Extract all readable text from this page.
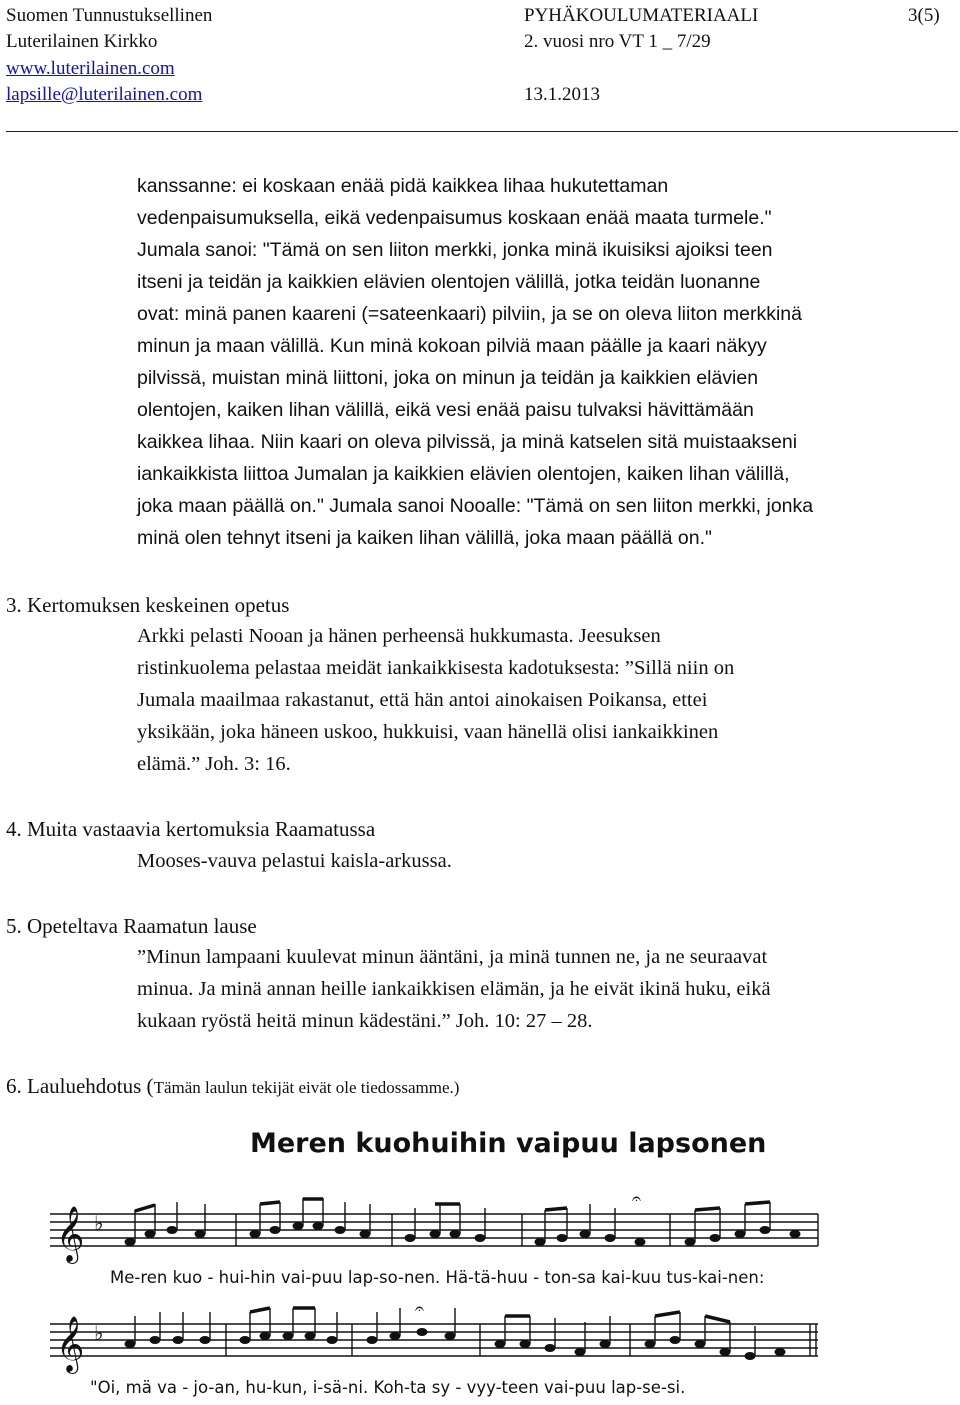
Suomen Tunnustuksellinen
Luterilainen Kirkko
www.luterilainen.com
lapsille@luterilainen.com
PYHÄKOULUMATERIAALI
2. vuosi nro VT 1 _ 7/29
13.1.2013
3(5)
kanssanne: ei koskaan enää pidä kaikkea lihaa hukutettaman
vedenpaisumuksella, eikä vedenpaisumus koskaan enää maata turmele."
Jumala sanoi: "Tämä on sen liiton merkki, jonka minä ikuisiksi ajoiksi teen
itseni ja teidän ja kaikkien elävien olentojen välillä, jotka teidän luonanne
ovat: minä panen kaareni (=sateenkaari) pilviin, ja se on oleva liiton merkkinä
minun ja maan välillä. Kun minä kokoan pilviä maan päälle ja kaari näkyy
pilvissä, muistan minä liittoni, joka on minun ja teidän ja kaikkien elävien
olentojen, kaiken lihan välillä, eikä vesi enää paisu tulvaksi hävittämään
kaikkea lihaa. Niin kaari on oleva pilvissä, ja minä katselen sitä muistaakseni
iankaikkista liittoa Jumalan ja kaikkien elävien olentojen, kaiken lihan välillä,
joka maan päällä on." Jumala sanoi Nooalle: "Tämä on sen liiton merkki, jonka
minä olen tehnyt itseni ja kaiken lihan välillä, joka maan päällä on."
3. Kertomuksen keskeinen opetus
Arkki pelasti Nooan ja hänen perheensä hukkumasta. Jeesuksen
ristinkuolema pelastaa meidät iankaikkisesta kadotuksesta: ”Sillä niin on
Jumala maailmaa rakastanut, että hän antoi ainokaisen Poikansa, ettei
yksikään, joka häneen uskoo, hukkuisi, vaan hänellä olisi iankaikkinen
elämä.” Joh. 3: 16.
4. Muita vastaavia kertomuksia Raamatussa
Mooses-vauva pelastui kaisla-arkussa.
5. Opeteltava Raamatun lause
”Minun lampaani kuulevat minun ääntäni, ja minä tunnen ne, ja ne seuraavat
minua. Ja minä annan heille iankaikkisen elämän, ja he eivät ikinä huku, eikä
kukaan ryöstä heitä minun kädestäni.” Joh. 10: 27 – 28.
6. Lauluehdotus (Tämän laulun tekijät eivät ole tiedossamme.)
Meren kuohuihin vaipuu lapsonen
𝄞 ♭
𝄐
Me-ren kuo - hui-hin vai-puu lap-so-nen. Hä-tä-huu - ton-sa kai-kuu tus-kai-nen:
𝄞 ♭
𝄐
"Oi, mä va - jo-an, hu-kun, i-sä-ni. Koh-ta sy - vyy-teen vai-puu lap-se-si.
